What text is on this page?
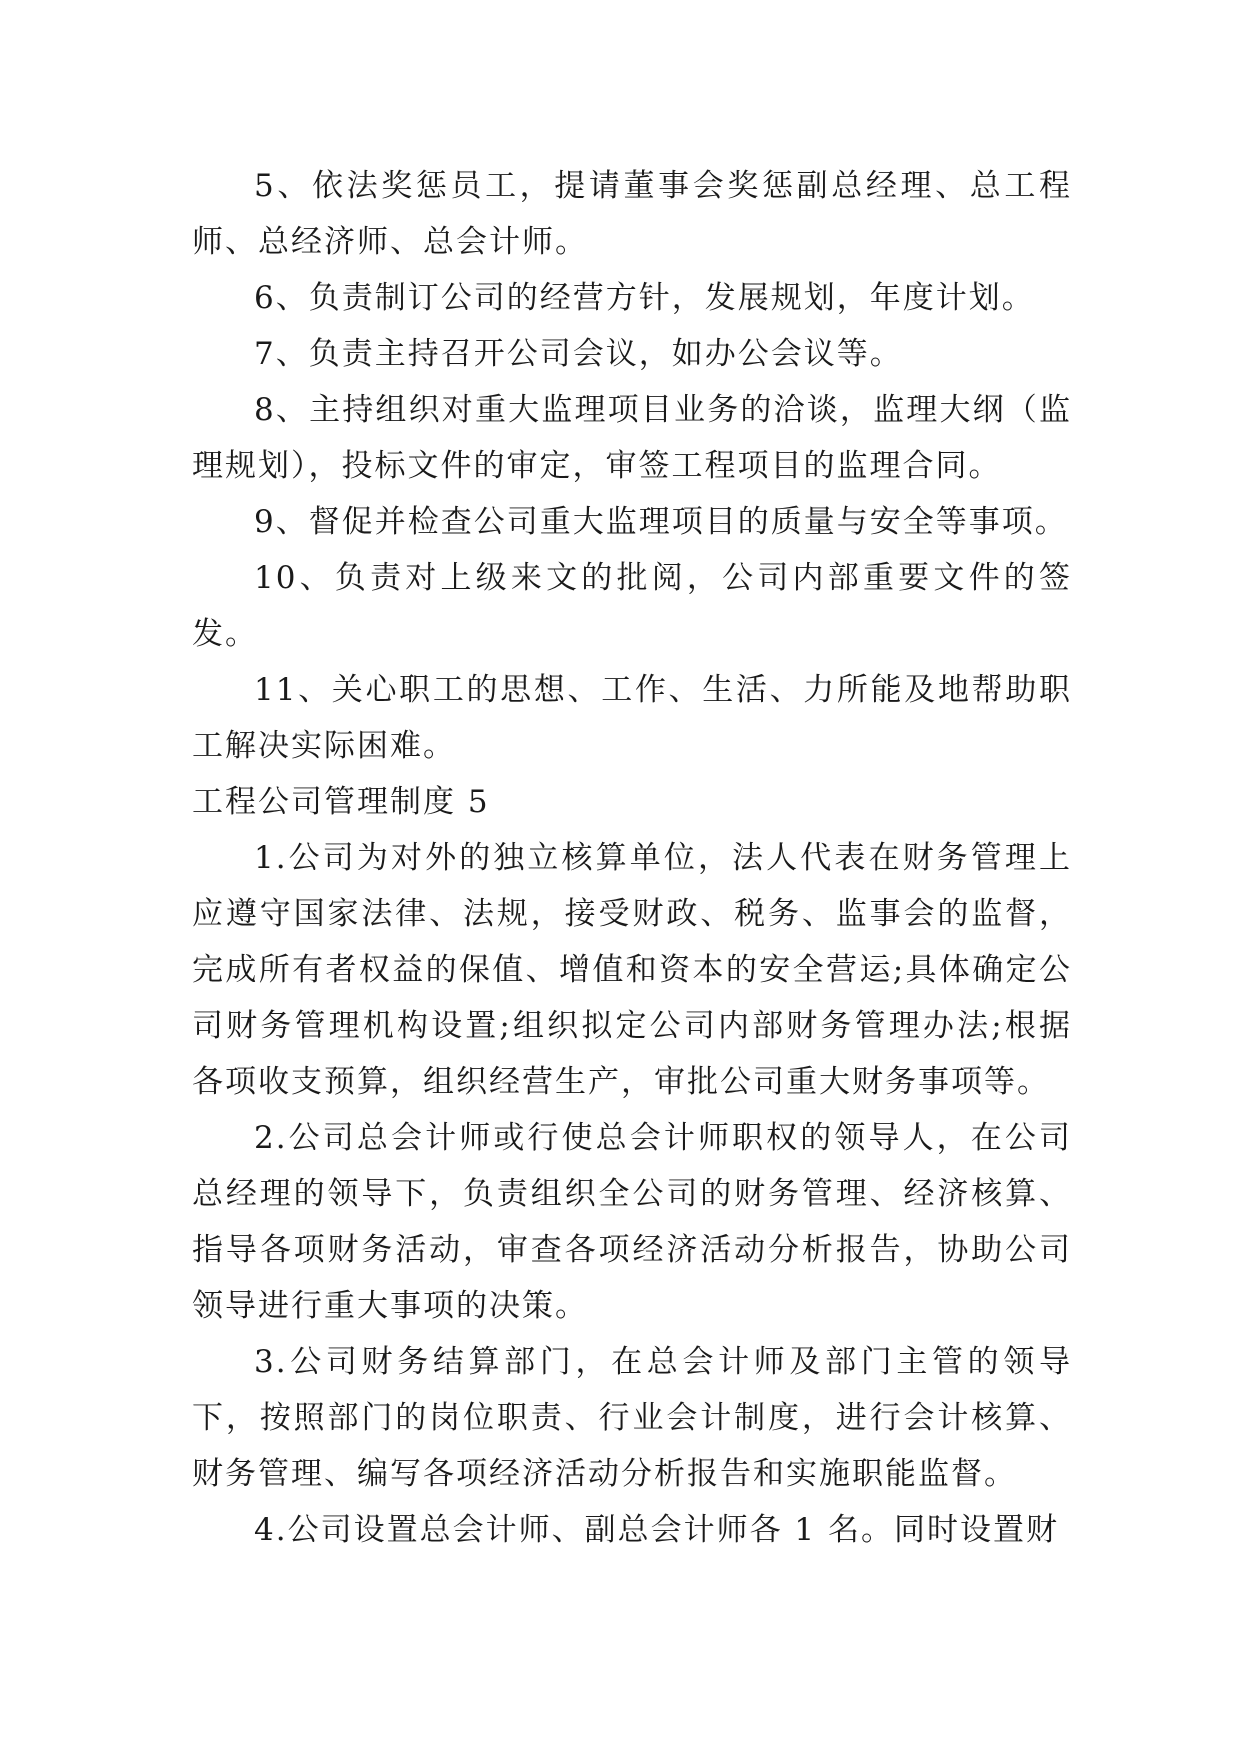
5、依法奖惩员工，提请董事会奖惩副总经理、总工程师、总经济师、总会计师。

6、负责制订公司的经营方针，发展规划，年度计划。

7、负责主持召开公司会议，如办公会议等。

8、主持组织对重大监理项目业务的洽谈，监理大纲（监理规划），投标文件的审定，审签工程项目的监理合同。

9、督促并检查公司重大监理项目的质量与安全等事项。

10、负责对上级来文的批阅，公司内部重要文件的签发。

11、关心职工的思想、工作、生活、力所能及地帮助职工解决实际困难。

工程公司管理制度 5

1.公司为对外的独立核算单位，法人代表在财务管理上应遵守国家法律、法规，接受财政、税务、监事会的监督，完成所有者权益的保值、增值和资本的安全营运;具体确定公司财务管理机构设置;组织拟定公司内部财务管理办法;根据各项收支预算，组织经营生产，审批公司重大财务事项等。

2.公司总会计师或行使总会计师职权的领导人，在公司总经理的领导下，负责组织全公司的财务管理、经济核算、指导各项财务活动，审查各项经济活动分析报告，协助公司领导进行重大事项的决策。

3.公司财务结算部门，在总会计师及部门主管的领导下，按照部门的岗位职责、行业会计制度，进行会计核算、财务管理、编写各项经济活动分析报告和实施职能监督。

4.公司设置总会计师、副总会计师各 1 名。同时设置财
